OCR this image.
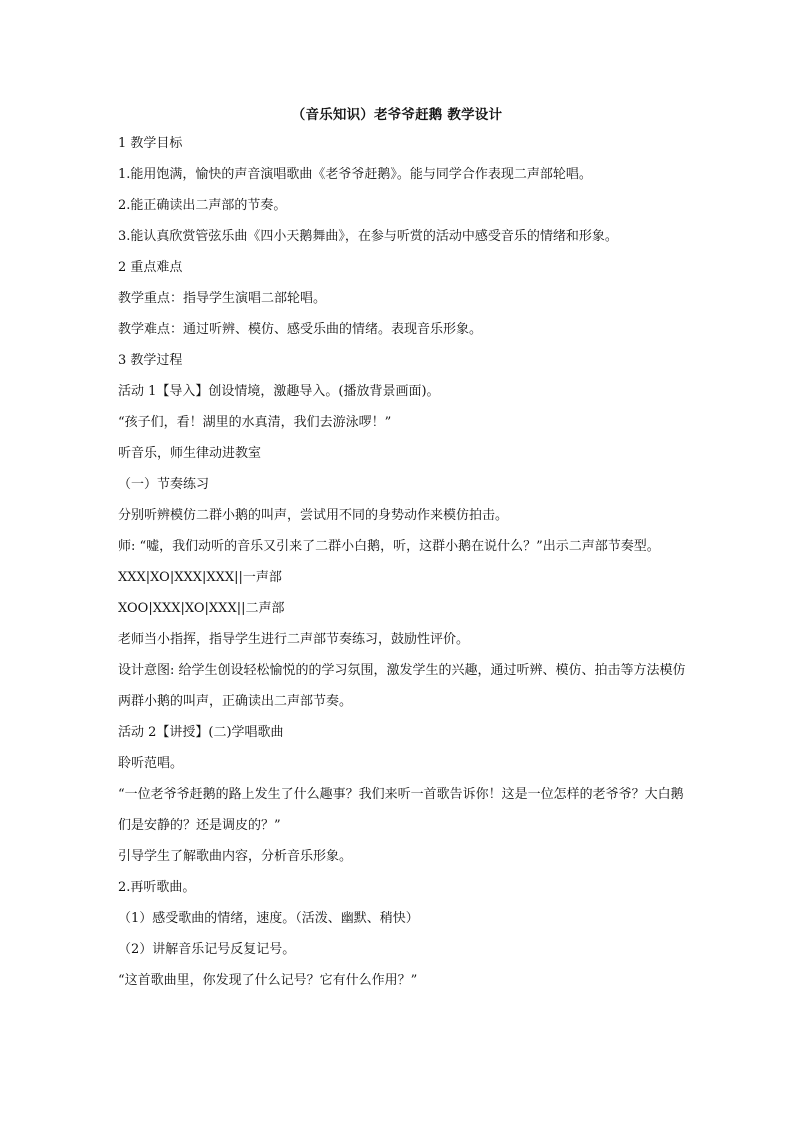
（音乐知识）老爷爷赶鹅 教学设计

1 教学目标

1.能用饱满，愉快的声音演唱歌曲《老爷爷赶鹅》。能与同学合作表现二声部轮唱。

2.能正确读出二声部的节奏。

3.能认真欣赏管弦乐曲《四小天鹅舞曲》，在参与听赏的活动中感受音乐的情绪和形象。

2 重点难点

教学重点：指导学生演唱二部轮唱。

教学难点：通过听辨、模仿、感受乐曲的情绪。表现音乐形象。

3 教学过程

活动 1【导入】创设情境，激趣导入。(播放背景画面)。

“孩子们，看！湖里的水真清，我们去游泳啰！”

听音乐，师生律动进教室

（一）节奏练习

分别听辨模仿二群小鹅的叫声，尝试用不同的身势动作来模仿拍击。

师: “嘘，我们动听的音乐又引来了二群小白鹅，听，这群小鹅在说什么？”出示二声部节奏型。

XXX|XO|XXX|XXX||一声部

XOO|XXX|XO|XXX||二声部

老师当小指挥，指导学生进行二声部节奏练习，鼓励性评价。

设计意图: 给学生创设轻松愉悦的的学习氛围，激发学生的兴趣，通过听辨、模仿、拍击等方法模仿两群小鹅的叫声，正确读出二声部节奏。

活动 2【讲授】(二)学唱歌曲

聆听范唱。

“一位老爷爷赶鹅的路上发生了什么趣事？我们来听一首歌告诉你！这是一位怎样的老爷爷？大白鹅们是安静的？还是调皮的？”

引导学生了解歌曲内容，分析音乐形象。

2.再听歌曲。

（1）感受歌曲的情绪，速度。（活泼、幽默、稍快）

（2）讲解音乐记号反复记号。

“这首歌曲里，你发现了什么记号？它有什么作用？”
